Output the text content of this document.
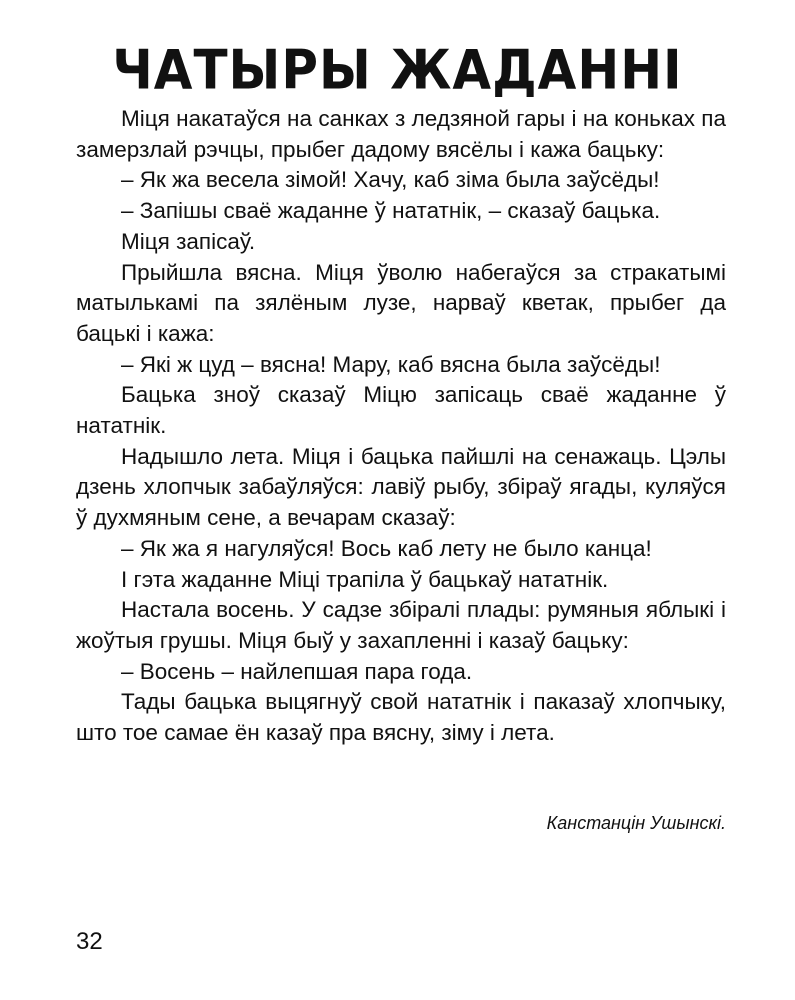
ЧАТЫРЫ ЖАДАННІ

Міця накатаўся на санках з ледзяной гары і на коньках па замерзлай рэчцы, прыбег дадому вясёлы і кажа бацьку:

– Як жа весела зімой! Хачу, каб зіма была заўсёды!

– Запішы сваё жаданне ў нататнік, – сказаў бацька.

Міця запісаў.

Прыйшла вясна. Міця ўволю набегаўся за стракатымі матылькамі па зялёным лузе, нарваў кветак, прыбег да бацькі і кажа:

– Які ж цуд – вясна! Мару, каб вясна была заўсёды!

Бацька зноў сказаў Міцю запісаць сваё жаданне ў нататнік.

Надышло лета. Міця і бацька пайшлі на сенажаць. Цэлы дзень хлопчык забаўляўся: лавіў рыбу, збіраў ягады, куляўся ў духмяным сене, а вечарам сказаў:

– Як жа я нагуляўся! Вось каб лету не было канца!

І гэта жаданне Міці трапіла ў бацькаў нататнік.

Настала восень. У садзе збіралі плады: румяныя яблыкі і жоўтыя грушы. Міця быў у захапленні і казаў бацьку:

– Восень – найлепшая пара года.

Тады бацька выцягнуў свой нататнік і паказаў хлопчыку, што тое самае ён казаў пра вясну, зіму і лета.

Канстанцін Ушынскі.

32
